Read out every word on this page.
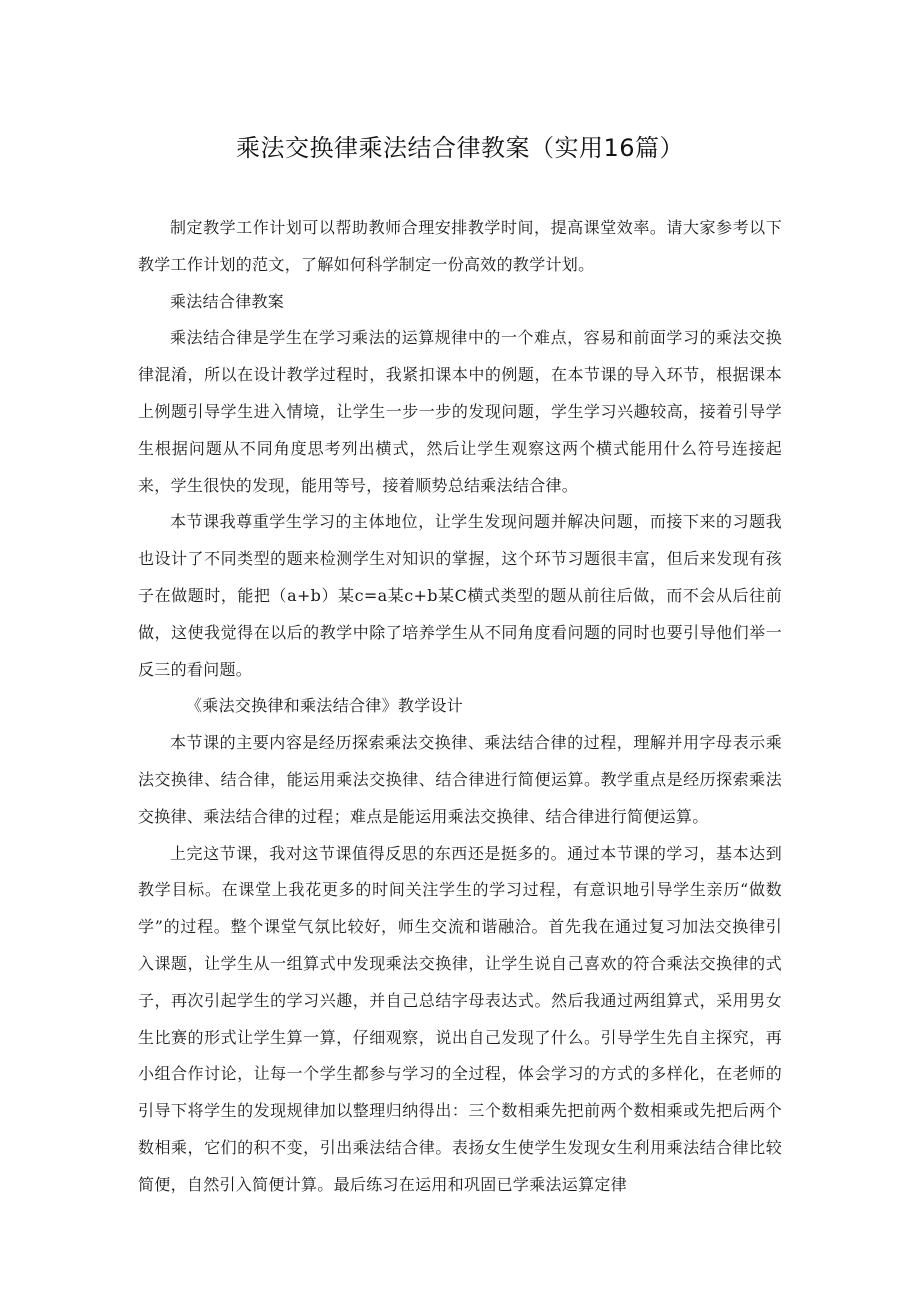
乘法交换律乘法结合律教案（实用16篇）

制定教学工作计划可以帮助教师合理安排教学时间，提高课堂效率。请大家参考以下教学工作计划的范文，了解如何科学制定一份高效的教学计划。

乘法结合律教案

乘法结合律是学生在学习乘法的运算规律中的一个难点，容易和前面学习的乘法交换律混淆，所以在设计教学过程时，我紧扣课本中的例题，在本节课的导入环节，根据课本上例题引导学生进入情境，让学生一步一步的发现问题，学生学习兴趣较高，接着引导学生根据问题从不同角度思考列出横式，然后让学生观察这两个横式能用什么符号连接起来，学生很快的发现，能用等号，接着顺势总结乘法结合律。

本节课我尊重学生学习的主体地位，让学生发现问题并解决问题，而接下来的习题我也设计了不同类型的题来检测学生对知识的掌握，这个环节习题很丰富，但后来发现有孩子在做题时，能把（a+b）某c=a某c+b某C横式类型的题从前往后做，而不会从后往前做，这使我觉得在以后的教学中除了培养学生从不同角度看问题的同时也要引导他们举一反三的看问题。

《乘法交换律和乘法结合律》教学设计

本节课的主要内容是经历探索乘法交换律、乘法结合律的过程，理解并用字母表示乘法交换律、结合律，能运用乘法交换律、结合律进行简便运算。教学重点是经历探索乘法交换律、乘法结合律的过程；难点是能运用乘法交换律、结合律进行简便运算。

上完这节课，我对这节课值得反思的东西还是挺多的。通过本节课的学习，基本达到教学目标。在课堂上我花更多的时间关注学生的学习过程，有意识地引导学生亲历“做数学”的过程。整个课堂气氛比较好，师生交流和谐融洽。首先我在通过复习加法交换律引入课题，让学生从一组算式中发现乘法交换律，让学生说自己喜欢的符合乘法交换律的式子，再次引起学生的学习兴趣，并自己总结字母表达式。然后我通过两组算式，采用男女生比赛的形式让学生算一算，仔细观察，说出自己发现了什么。引导学生先自主探究，再小组合作讨论，让每一个学生都参与学习的全过程，体会学习的方式的多样化，在老师的引导下将学生的发现规律加以整理归纳得出：三个数相乘先把前两个数相乘或先把后两个数相乘，它们的积不变，引出乘法结合律。表扬女生使学生发现女生利用乘法结合律比较简便，自然引入简便计算。最后练习在运用和巩固已学乘法运算定律
